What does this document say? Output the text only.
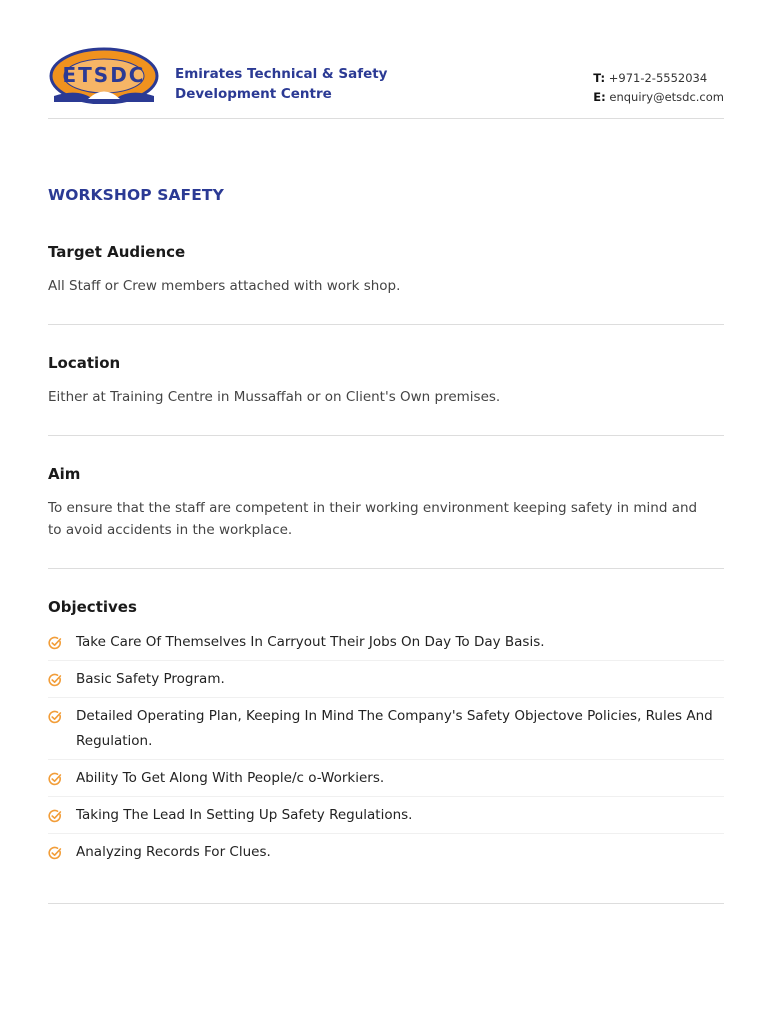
ETSDC Emirates Technical & Safety
Development Centre
T: +971-2-5552034
E: enquiry@etsdc.com
WORKSHOP SAFETY
Target Audience
All Staff or Crew members attached with work shop.
Location
Either at Training Centre in Mussaffah or on Client's Own premises.
Aim
To ensure that the staff are competent in their working environment keeping safety in mind and to avoid accidents in the workplace.
Objectives
Take Care Of Themselves In Carryout Their Jobs On Day To Day Basis.
Basic Safety Program.
Detailed Operating Plan, Keeping In Mind The Company's Safety Objectove Policies, Rules And Regulation.
Ability To Get Along With People/c o-Workiers.
Taking The Lead In Setting Up Safety Regulations.
Analyzing Records For Clues.
